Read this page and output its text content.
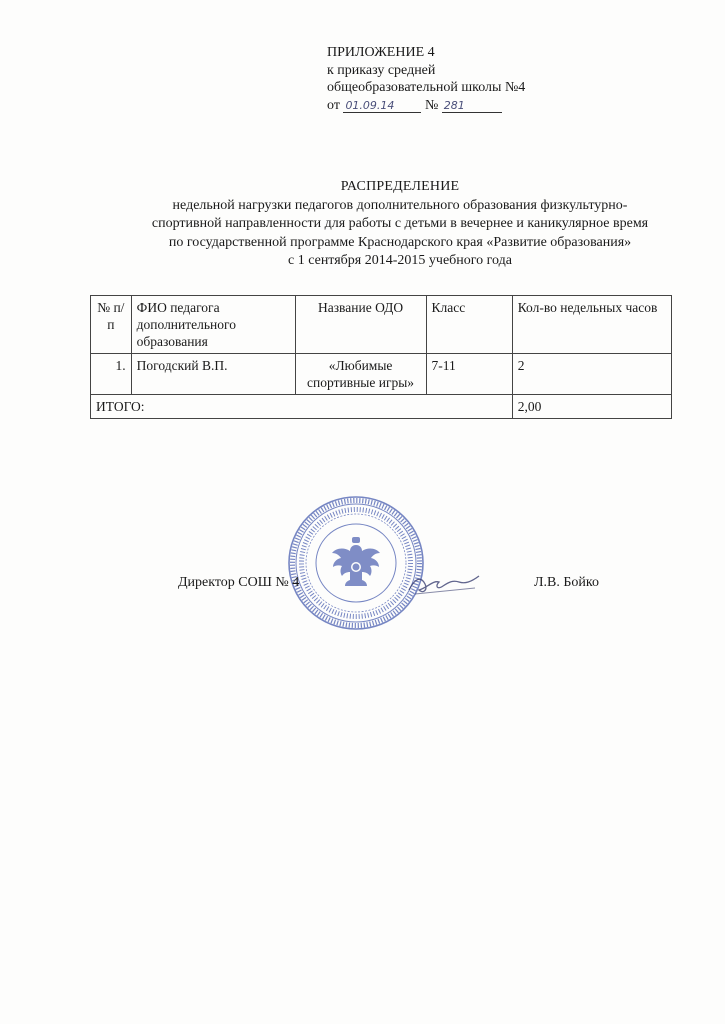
ПРИЛОЖЕНИЕ 4
к приказу средней
общеобразовательной школы №4
от 01.09.14 № 281
РАСПРЕДЕЛЕНИЕ
недельной нагрузки педагогов дополнительного образования физкультурно-
спортивной направленности для работы с детьми в вечернее и каникулярное время
по государственной программе Краснодарского края «Развитие образования»
с 1 сентября 2014-2015 учебного года
№ п/п	ФИО педагога дополнительного образования	Название ОДО	Класс	Кол-во недельных часов
1.	Погодский В.П.	«Любимые спортивные игры»	7-11	2
ИТОГО:				2,00
Директор СОШ № 4	Л.В. Бойко
